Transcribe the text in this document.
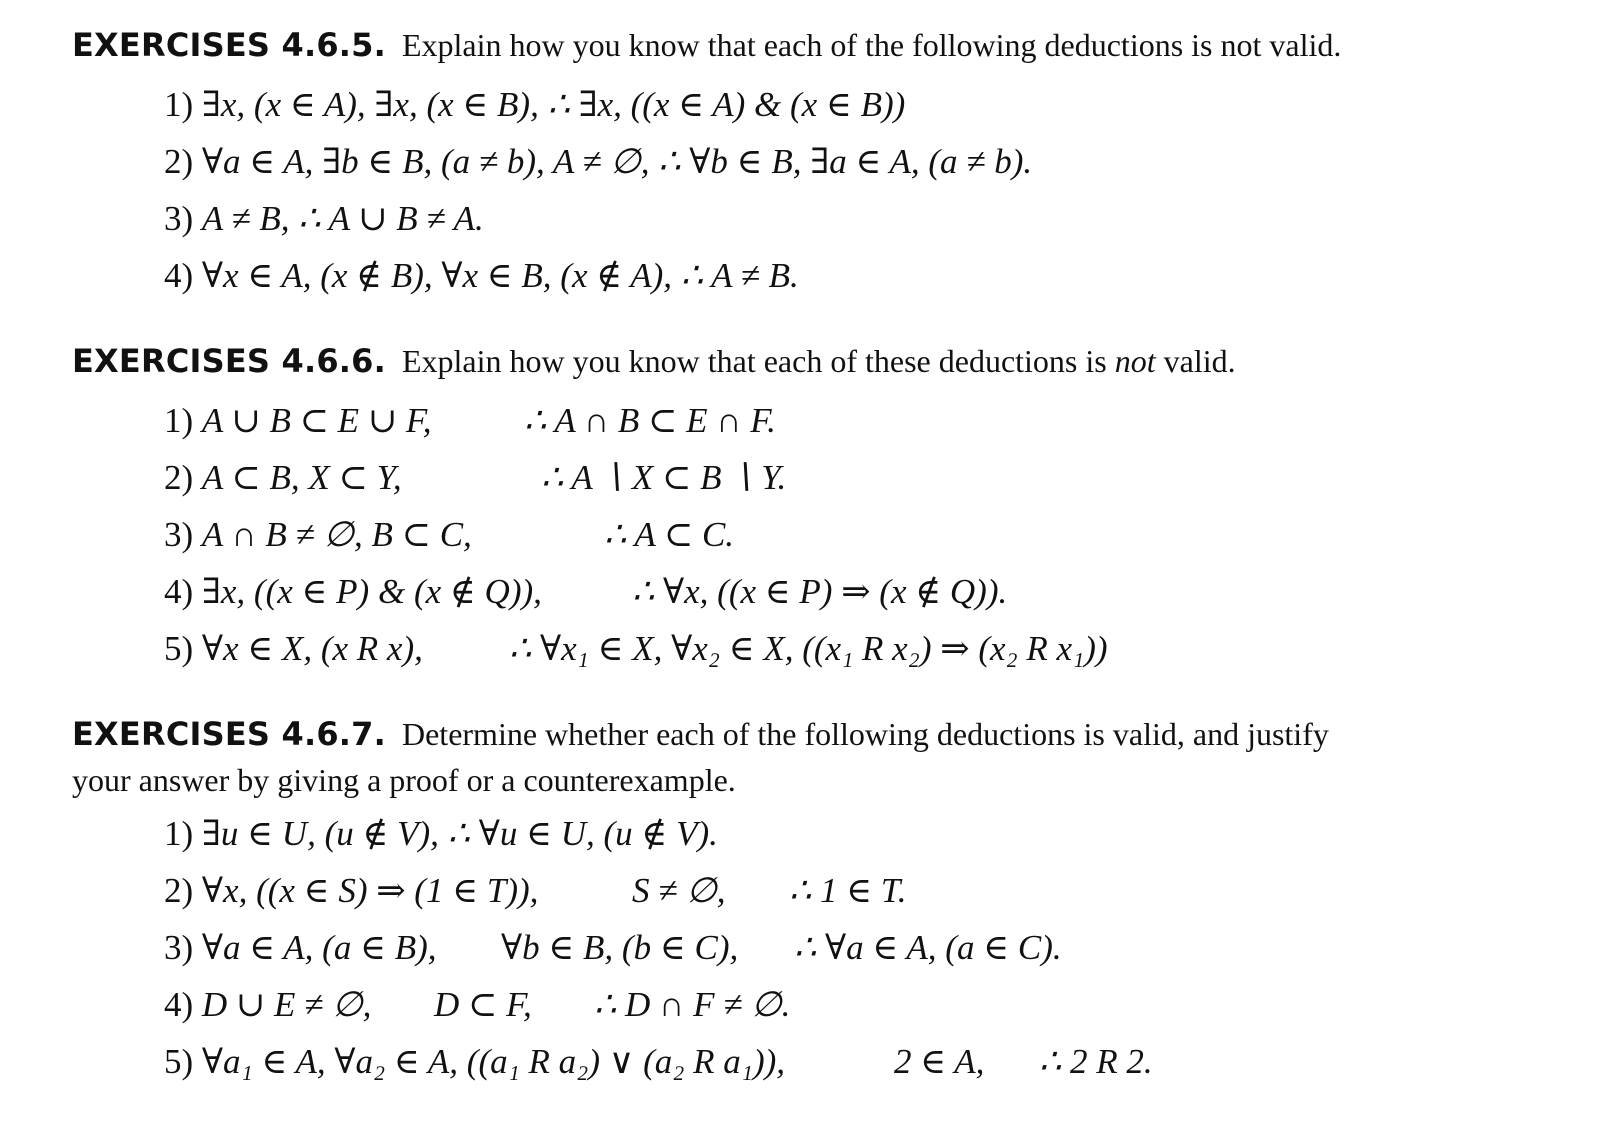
EXERCISES 4.6.5. Explain how you know that each of the following deductions is not valid.

1) ∃x, (x ∈ A), ∃x, (x ∈ B), ∴ ∃x, ((x ∈ A) & (x ∈ B))
2) ∀a ∈ A, ∃b ∈ B, (a ≠ b), A ≠ ∅, ∴ ∀b ∈ B, ∃a ∈ A, (a ≠ b).
3) A ≠ B, ∴ A ∪ B ≠ A.
4) ∀x ∈ A, (x ∉ B), ∀x ∈ B, (x ∉ A), ∴ A ≠ B.

EXERCISES 4.6.6. Explain how you know that each of these deductions is not valid.

1) A ∪ B ⊂ E ∪ F,	∴ A ∩ B ⊂ E ∩ F.
2) A ⊂ B, X ⊂ Y,	∴ A ∖ X ⊂ B ∖ Y.
3) A ∩ B ≠ ∅, B ⊂ C,	∴ A ⊂ C.
4) ∃x, ((x ∈ P) & (x ∉ Q)),	∴ ∀x, ((x ∈ P) ⇒ (x ∉ Q)).
5) ∀x ∈ X, (x R x), ∴ ∀x₁ ∈ X, ∀x₂ ∈ X, ((x₁ R x₂) ⇒ (x₂ R x₁))

EXERCISES 4.6.7. Determine whether each of the following deductions is valid, and justify
your answer by giving a proof or a counterexample.

1) ∃u ∈ U, (u ∉ V), ∴ ∀u ∈ U, (u ∉ V).
2) ∀x, ((x ∈ S) ⇒ (1 ∈ T)),	S ≠ ∅, ∴ 1 ∈ T.
3) ∀a ∈ A, (a ∈ B), ∀b ∈ B, (b ∈ C), ∴ ∀a ∈ A, (a ∈ C).
4) D ∪ E ≠ ∅, D ⊂ F, ∴ D ∩ F ≠ ∅.
5) ∀a₁ ∈ A, ∀a₂ ∈ A, ((a₁ R a₂) ∨ (a₂ R a₁)),	2 ∈ A, ∴ 2 R 2.
